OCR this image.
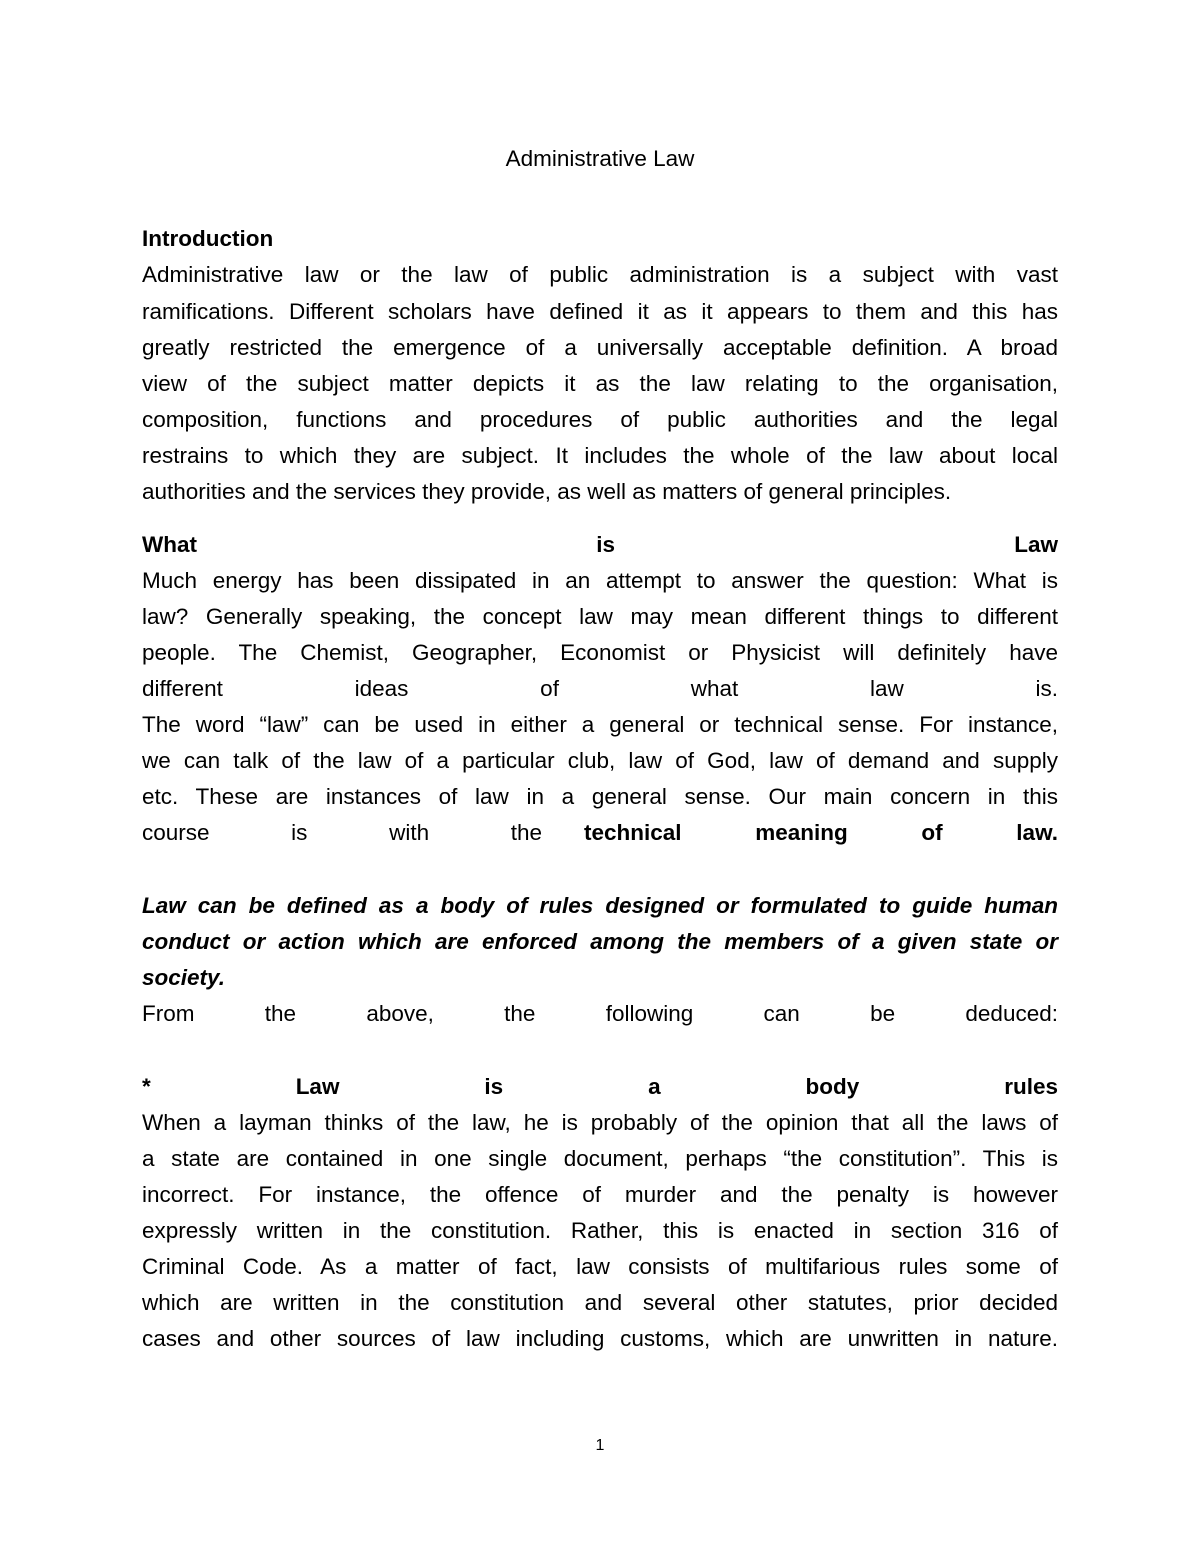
Administrative Law
Introduction
Administrative law or the law of public administration is a subject with vast
ramifications. Different scholars have defined it as it appears to them and this has
greatly restricted the emergence of a universally acceptable definition. A broad
view of the subject matter depicts it as the law relating to the organisation,
composition, functions and procedures of public authorities and the legal
restrains to which they are subject. It includes the whole of the law about local
authorities and the services they provide, as well as matters of general principles.
What is Law
Much energy has been dissipated in an attempt to answer the question: What is
law? Generally speaking, the concept law may mean different things to different
people. The Chemist, Geographer, Economist or Physicist will definitely have
different ideas of what law is.
The word “law” can be used in either a general or technical sense. For instance,
we can talk of the law of a particular club, law of God, law of demand and supply
etc. These are instances of law in a general sense. Our main concern in this
course is with the technical meaning of law.
Law can be defined as a body of rules designed or formulated to guide human
conduct or action which are enforced among the members of a given state or
society.
From the above, the following can be deduced:
* Law is a body rules
When a layman thinks of the law, he is probably of the opinion that all the laws of
a state are contained in one single document, perhaps “the constitution”. This is
incorrect. For instance, the offence of murder and the penalty is however
expressly written in the constitution. Rather, this is enacted in section 316 of
Criminal Code. As a matter of fact, law consists of multifarious rules some of
which are written in the constitution and several other statutes, prior decided
cases and other sources of law including customs, which are unwritten in nature.
1
